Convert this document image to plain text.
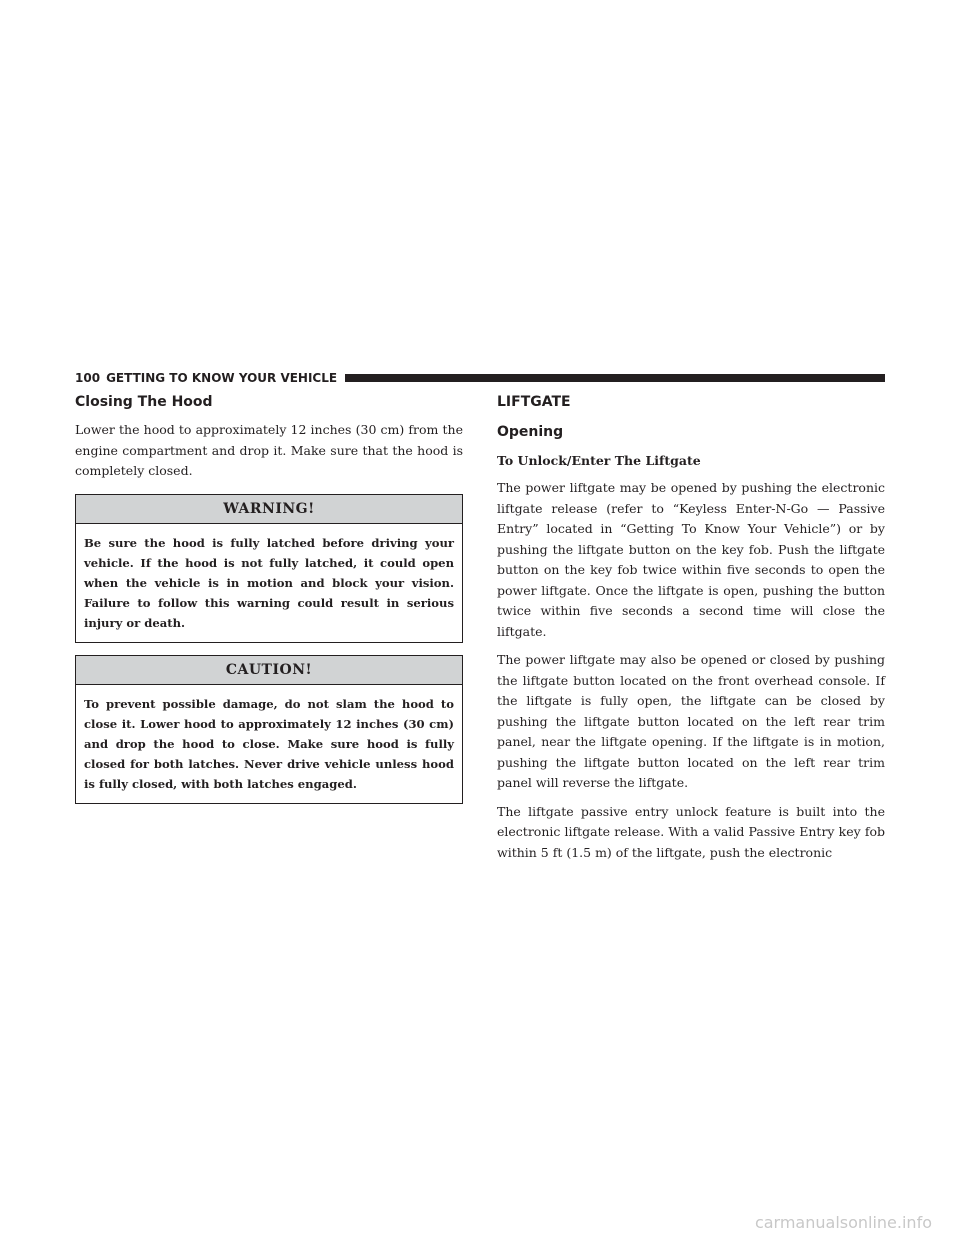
100 GETTING TO KNOW YOUR VEHICLE
Closing The Hood

Lower the hood to approximately 12 inches (30 cm) from the engine compartment and drop it. Make sure that the hood is completely closed.

WARNING!

Be sure the hood is fully latched before driving your vehicle. If the hood is not fully latched, it could open when the vehicle is in motion and block your vision. Failure to follow this warning could result in serious injury or death.

CAUTION!

To prevent possible damage, do not slam the hood to close it. Lower hood to approximately 12 inches (30 cm) and drop the hood to close. Make sure hood is fully closed for both latches. Never drive vehicle unless hood is fully closed, with both latches engaged.

LIFTGATE
Opening
To Unlock/Enter The Liftgate

The power liftgate may be opened by pushing the electronic liftgate release (refer to “Keyless Enter-N-Go — Passive Entry” located in “Getting To Know Your Vehicle”) or by pushing the liftgate button on the key fob. Push the liftgate button on the key fob twice within five seconds to open the power liftgate. Once the liftgate is open, pushing the button twice within five seconds a second time will close the liftgate.

The power liftgate may also be opened or closed by pushing the liftgate button located on the front overhead console. If the liftgate is fully open, the liftgate can be closed by pushing the liftgate button located on the left rear trim panel, near the liftgate opening. If the liftgate is in motion, pushing the liftgate button located on the left rear trim panel will reverse the liftgate.

The liftgate passive entry unlock feature is built into the electronic liftgate release. With a valid Passive Entry key fob within 5 ft (1.5 m) of the liftgate, push the electronic

carmanualsonline.info
